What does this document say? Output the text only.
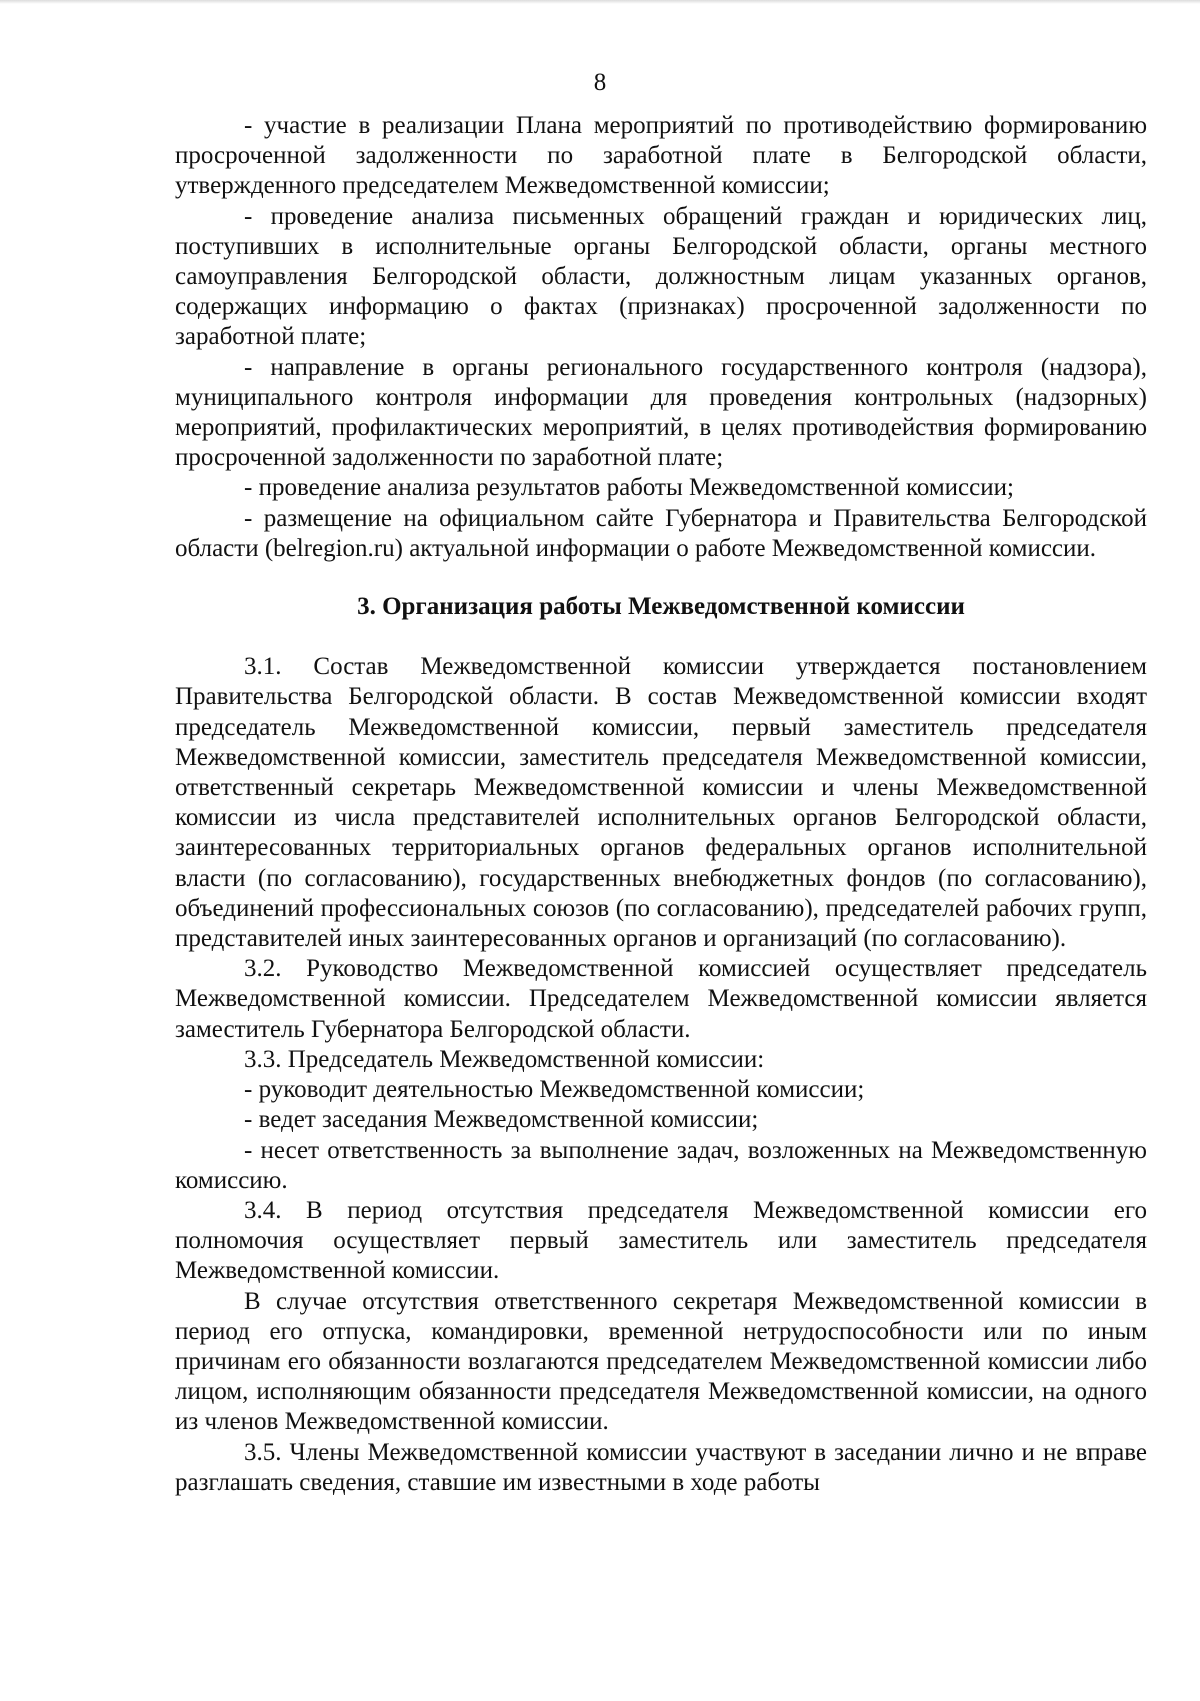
8

- участие в реализации Плана мероприятий по противодействию формированию просроченной задолженности по заработной плате в Белгородской области, утвержденного председателем Межведомственной комиссии;

- проведение анализа письменных обращений граждан и юридических лиц, поступивших в исполнительные органы Белгородской области, органы местного самоуправления Белгородской области, должностным лицам указанных органов, содержащих информацию о фактах (признаках) просроченной задолженности по заработной плате;

- направление в органы регионального государственного контроля (надзора), муниципального контроля информации для проведения контрольных (надзорных) мероприятий, профилактических мероприятий, в целях противодействия формированию просроченной задолженности по заработной плате;

- проведение анализа результатов работы Межведомственной комиссии;

- размещение на официальном сайте Губернатора и Правительства Белгородской области (belregion.ru) актуальной информации о работе Межведомственной комиссии.

3. Организация работы Межведомственной комиссии

3.1. Состав Межведомственной комиссии утверждается постановлением Правительства Белгородской области. В состав Межведомственной комиссии входят председатель Межведомственной комиссии, первый заместитель председателя Межведомственной комиссии, заместитель председателя Межведомственной комиссии, ответственный секретарь Межведомственной комиссии и члены Межведомственной комиссии из числа представителей исполнительных органов Белгородской области, заинтересованных территориальных органов федеральных органов исполнительной власти (по согласованию), государственных внебюджетных фондов (по согласованию), объединений профессиональных союзов (по согласованию), председателей рабочих групп, представителей иных заинтересованных органов и организаций (по согласованию).

3.2. Руководство Межведомственной комиссией осуществляет председатель Межведомственной комиссии. Председателем Межведомственной комиссии является заместитель Губернатора Белгородской области.

3.3. Председатель Межведомственной комиссии:

- руководит деятельностью Межведомственной комиссии;

- ведет заседания Межведомственной комиссии;

- несет ответственность за выполнение задач, возложенных на Межведомственную комиссию.

3.4. В период отсутствия председателя Межведомственной комиссии его полномочия осуществляет первый заместитель или заместитель председателя Межведомственной комиссии.

В случае отсутствия ответственного секретаря Межведомственной комиссии в период его отпуска, командировки, временной нетрудоспособности или по иным причинам его обязанности возлагаются председателем Межведомственной комиссии либо лицом, исполняющим обязанности председателя Межведомственной комиссии, на одного из членов Межведомственной комиссии.

3.5. Члены Межведомственной комиссии участвуют в заседании лично и не вправе разглашать сведения, ставшие им известными в ходе работы
